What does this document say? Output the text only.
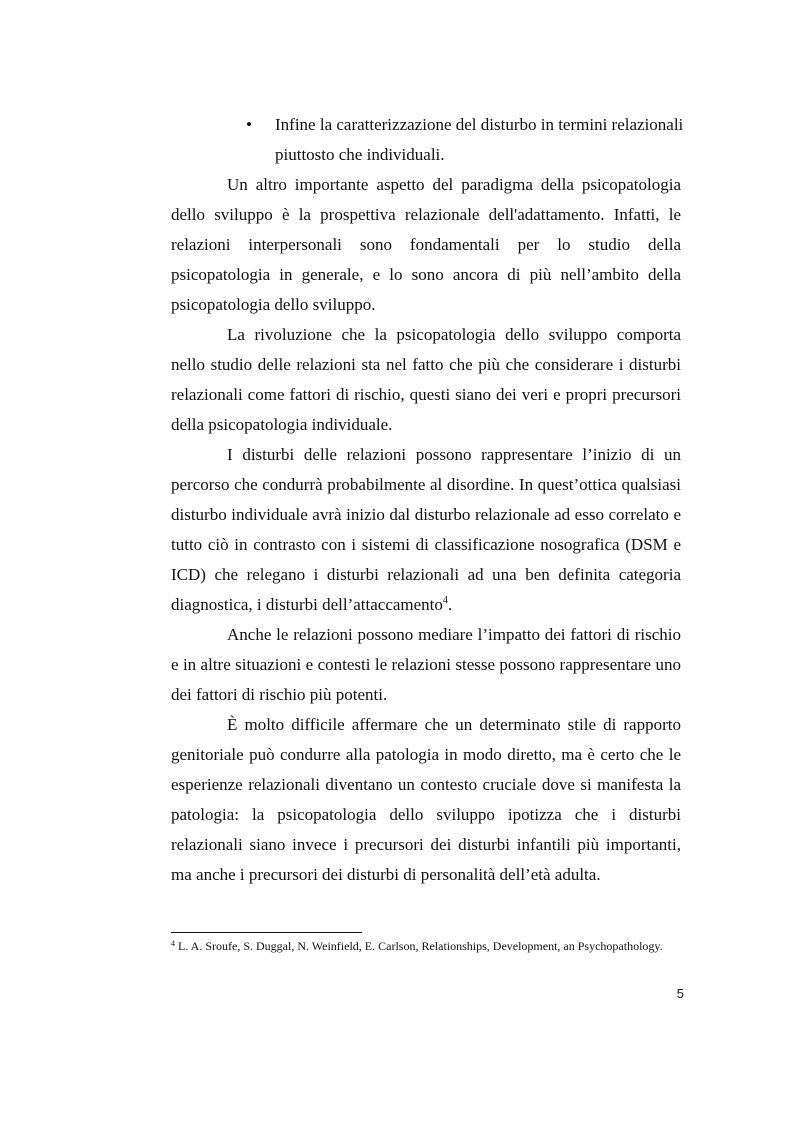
•	Infine la caratterizzazione del disturbo in termini relazionali piuttosto che individuali.

Un altro importante aspetto del paradigma della psicopatologia dello sviluppo è la prospettiva relazionale dell'adattamento. Infatti, le relazioni interpersonali sono fondamentali per lo studio della psicopatologia in generale, e lo sono ancora di più nell’ambito della psicopatologia dello sviluppo.

La rivoluzione che la psicopatologia dello sviluppo comporta nello studio delle relazioni sta nel fatto che più che considerare i disturbi relazionali come fattori di rischio, questi siano dei veri e propri precursori della psicopatologia individuale.

I disturbi delle relazioni possono rappresentare l’inizio di un percorso che condurrà probabilmente al disordine. In quest’ottica qualsiasi disturbo individuale avrà inizio dal disturbo relazionale ad esso correlato e tutto ciò in contrasto con i sistemi di classificazione nosografica (DSM e ICD) che relegano i disturbi relazionali ad una ben definita categoria diagnostica, i disturbi dell’attaccamento$^4$.

Anche le relazioni possono mediare l’impatto dei fattori di rischio e in altre situazioni e contesti le relazioni stesse possono rappresentare uno dei fattori di rischio più potenti.

È molto difficile affermare che un determinato stile di rapporto genitoriale può condurre alla patologia in modo diretto, ma è certo che le esperienze relazionali diventano un contesto cruciale dove si manifesta la patologia: la psicopatologia dello sviluppo ipotizza che i disturbi relazionali siano invece i precursori dei disturbi infantili più importanti, ma anche i precursori dei disturbi di personalità dell’età adulta.

$^4$ L. A. Sroufe, S. Duggal, N. Weinfield, E. Carlson, Relationships, Development, an Psychopathology.
5
